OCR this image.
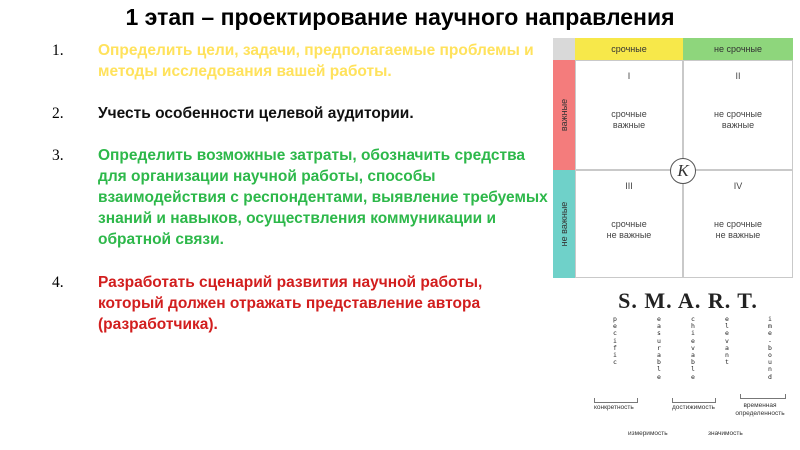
1 этап – проектирование научного направления
1. Определить цели, задачи, предполагаемые проблемы и методы исследования вашей работы.
2. Учесть особенности целевой аудитории.
3. Определить возможные затраты, обозначить средства для организации научной работы, способы взаимодействия с респондентами, выявление требуемых знаний и навыков, осуществления коммуникации и обратной связи.
4. Разработать сценарий развития научной работы, который должен отражать представление автора (разработчика).
срочные	не срочные
важные
не важные
I
срочные
важные
II
не срочные
важные
III
срочные
не важные
IV
не срочные
не важные
K
S. M. A. R. T.
p
e
c
i
f
i
c
e
a
s
u
r
a
b
l
e
c
h
i
e
v
a
b
l
e
e
l
e
v
a
n
t
i
m
e
-
b
o
u
n
d
конкретность
измеримость
достижимость
значимость
временная определенность
